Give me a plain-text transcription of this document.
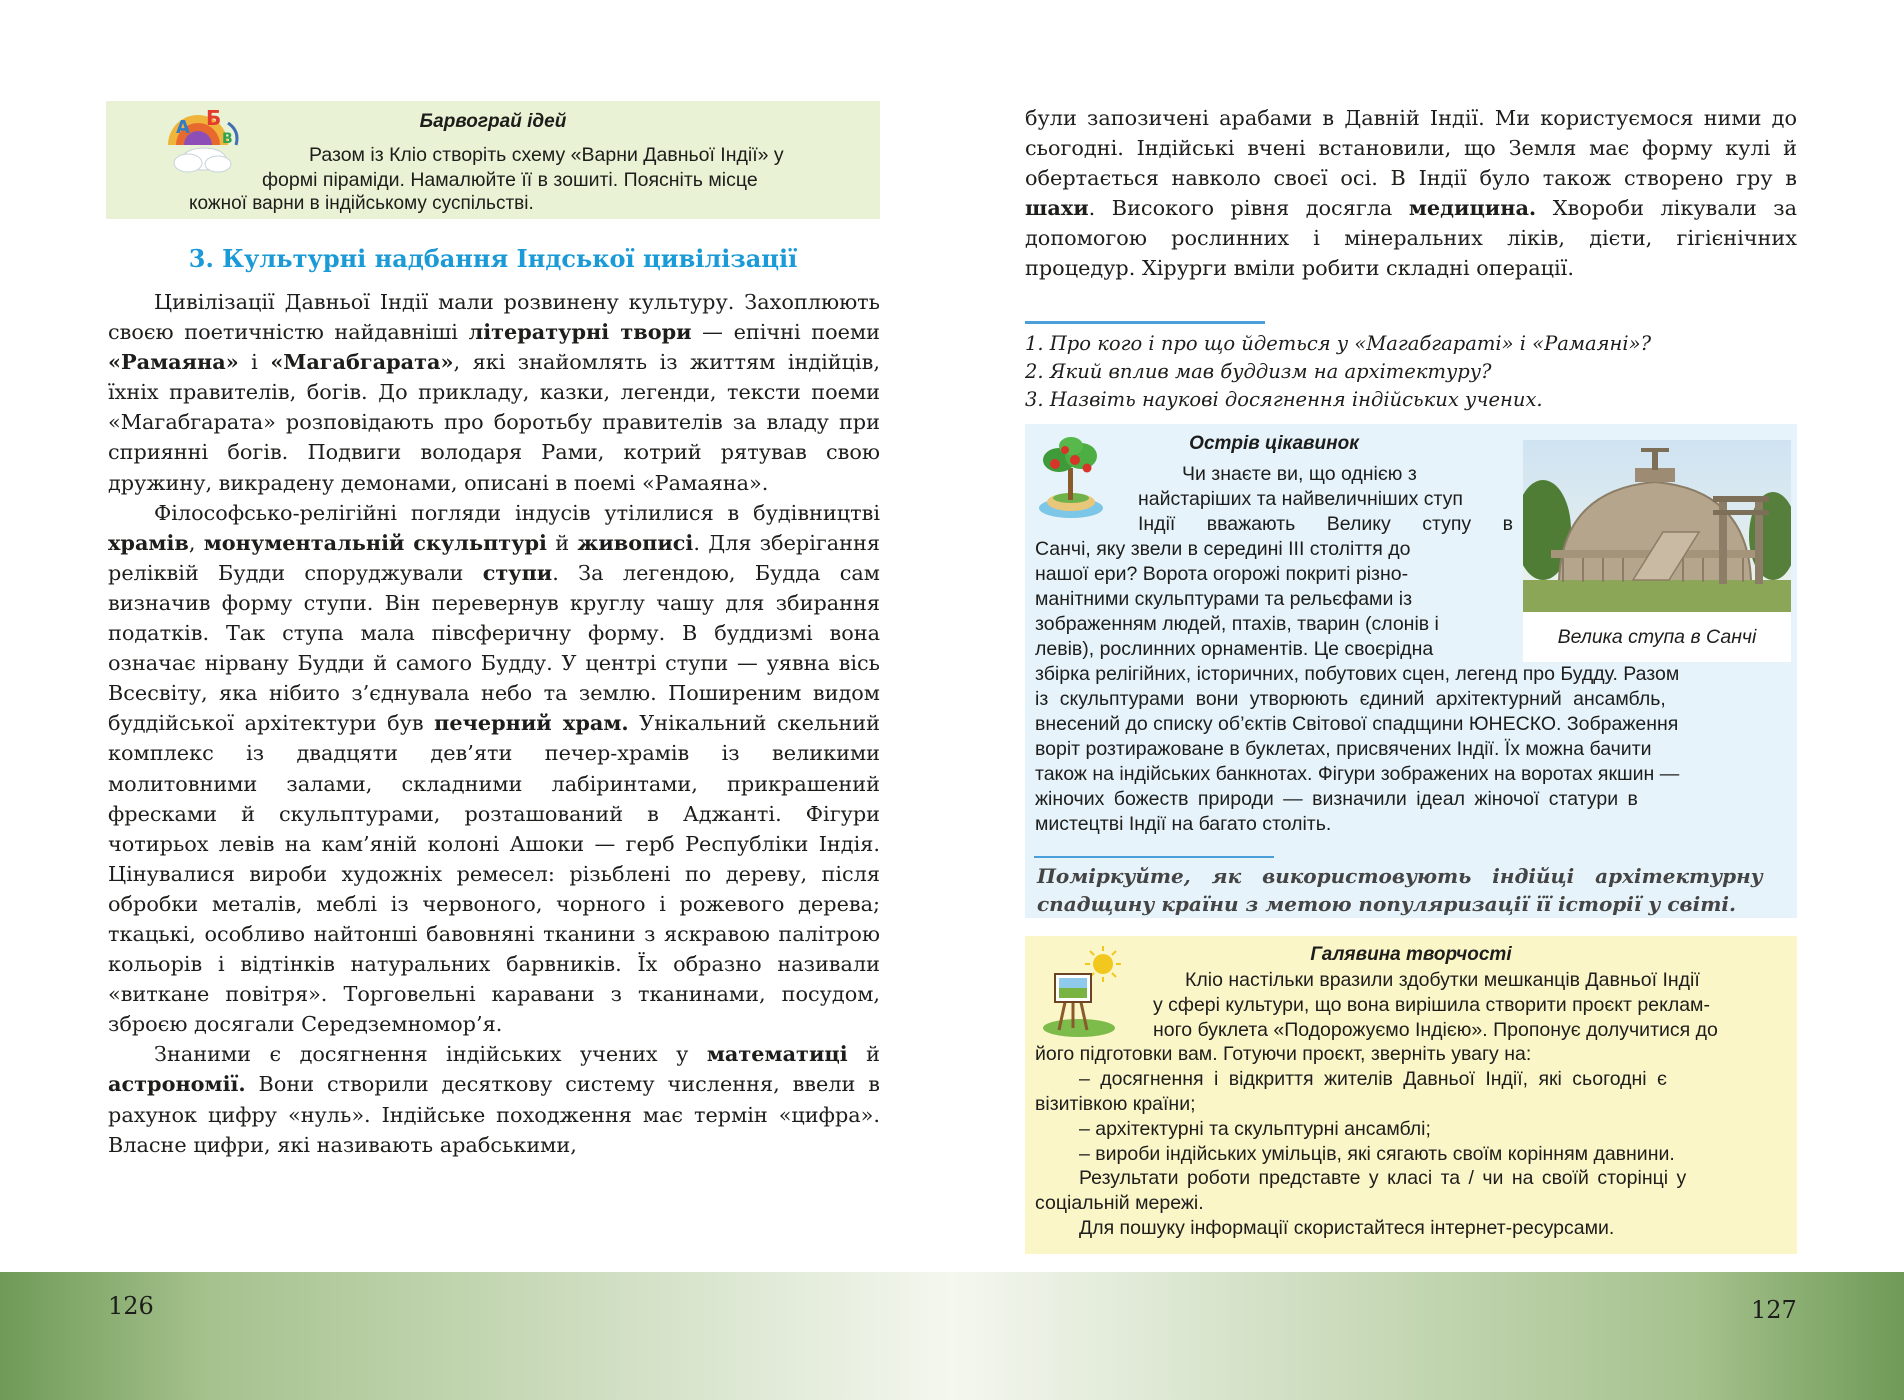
126
A Б
B
Барвограй ідей
Разом із Кліо створіть схему «Варни Давньої Індії» у
формі піраміди. Намалюйте її в зошиті. Поясніть місце
кожної варни в індійському суспільстві.
3. Культурні надбання Індської цивілізації

Цивілізації Давньої Індії мали розвинену культуру. Захоплюють своєю поетичністю найдавніші літературні твори — епічні поеми «Рамаяна» і «Магабгарата», які знайомлять із життям індійців, їхніх правителів, богів. До прикладу, казки, легенди, тексти поеми «Магабгарата» розповідають про боротьбу правителів за владу при сприянні богів. Подвиги володаря Рами, котрий рятував свою дружину, викрадену демонами, описані в поемі «Рамаяна».

Філософсько-релігійні погляди індусів утілилися в будівництві храмів, монументальній скульптурі й живописі. Для зберігання реліквій Будди споруджували ступи. За легендою, Будда сам визначив форму ступи. Він перевернув круглу чашу для збирання податків. Так ступа мала півсферичну форму. В буддизмі вона означає нірвану Будди й самого Будду. У центрі ступи — уявна вісь Всесвіту, яка нібито з’єднувала небо та землю. Поширеним видом буддійської архітектури був печерний храм. Унікальний скельний комплекс із двадцяти дев’яти печер-храмів із великими молитовними залами, складними лабіринтами, прикрашений фресками й скульптурами, розташований в Аджанті. Фігури чотирьох левів на кам’яній колоні Ашоки — герб Республіки Індія. Цінувалися вироби художніх ремесел: різьблені по дереву, після обробки металів, меблі із червоного, чорного і рожевого дерева; ткацькі, особливо найтонші бавовняні тканини з яскравою палітрою кольорів і відтінків натуральних барвників. Їх образно називали «виткане повітря». Торговельні каравани з тканинами, посудом, зброєю досягали Середземномор’я.

Знаними є досягнення індійських учених у математиці й астрономії. Вони створили десяткову систему числення, ввели в рахунок цифру «нуль». Індійське походження має термін «цифра». Власне цифри, які називають арабськими,

127
були запозичені арабами в Давній Індії. Ми користуємося ними до сьогодні. Індійські вчені встановили, що Земля має форму кулі й обертається навколо своєї осі. В Індії було також створено гру в шахи. Високого рівня досягла медицина. Хвороби лікували за допомогою рослинних і мінеральних ліків, дієти, гігієнічних процедур. Хірурги вміли робити складні операції.
1. Про кого і про що йдеться у «Магабгараті» і «Рамаяні»?
2. Який вплив мав буддизм на архітектуру?
3. Назвіть наукові досягнення індійських учених.
Острів цікавинок
Чи знаєте ви, що однією з
найстаріших та найвеличніших ступ
Індії вважають Велику ступу в
Санчі, яку звели в середині ІІІ століття до
нашої ери? Ворота огорожі покриті різно-
манітними скульптурами та рельєфами із
зображенням людей, птахів, тварин (слонів і
левів), рослинних орнаментів. Це своєрідна
збірка релігійних, історичних, побутових сцен, легенд про Будду. Разом
із скульптурами вони утворюють єдиний архітектурний ансамбль,
внесений до списку об’єктів Світової спадщини ЮНЕСКО. Зображення
воріт розтиражоване в буклетах, присвячених Індії. Їх можна бачити
також на індійських банкнотах. Фігури зображених на воротах якшин —
жіночих божеств природи — визначили ідеал жіночої статури в
мистецтві Індії на багато століть.
Поміркуйте, як використовують індійці архітектурну
спадщину країни з метою популяризації її історії у світі.
Велика ступа в Санчі
Галявина творчості
Кліо настільки вразили здобутки мешканців Давньої Індії
у сфері культури, що вона вирішила створити проєкт реклам-
ного буклета «Подорожуємо Індією». Пропонує долучитися до
його підготовки вам. Готуючи проєкт, зверніть увагу на:
– досягнення і відкриття жителів Давньої Індії, які сьогодні є
візитівкою країни;
– архітектурні та скульптурні ансамблі;
– вироби індійських умільців, які сягають своїм корінням давнини.
Результати роботи представте у класі та / чи на своїй сторінці у
соціальній мережі.
Для пошуку інформації скористайтеся інтернет-ресурсами.
